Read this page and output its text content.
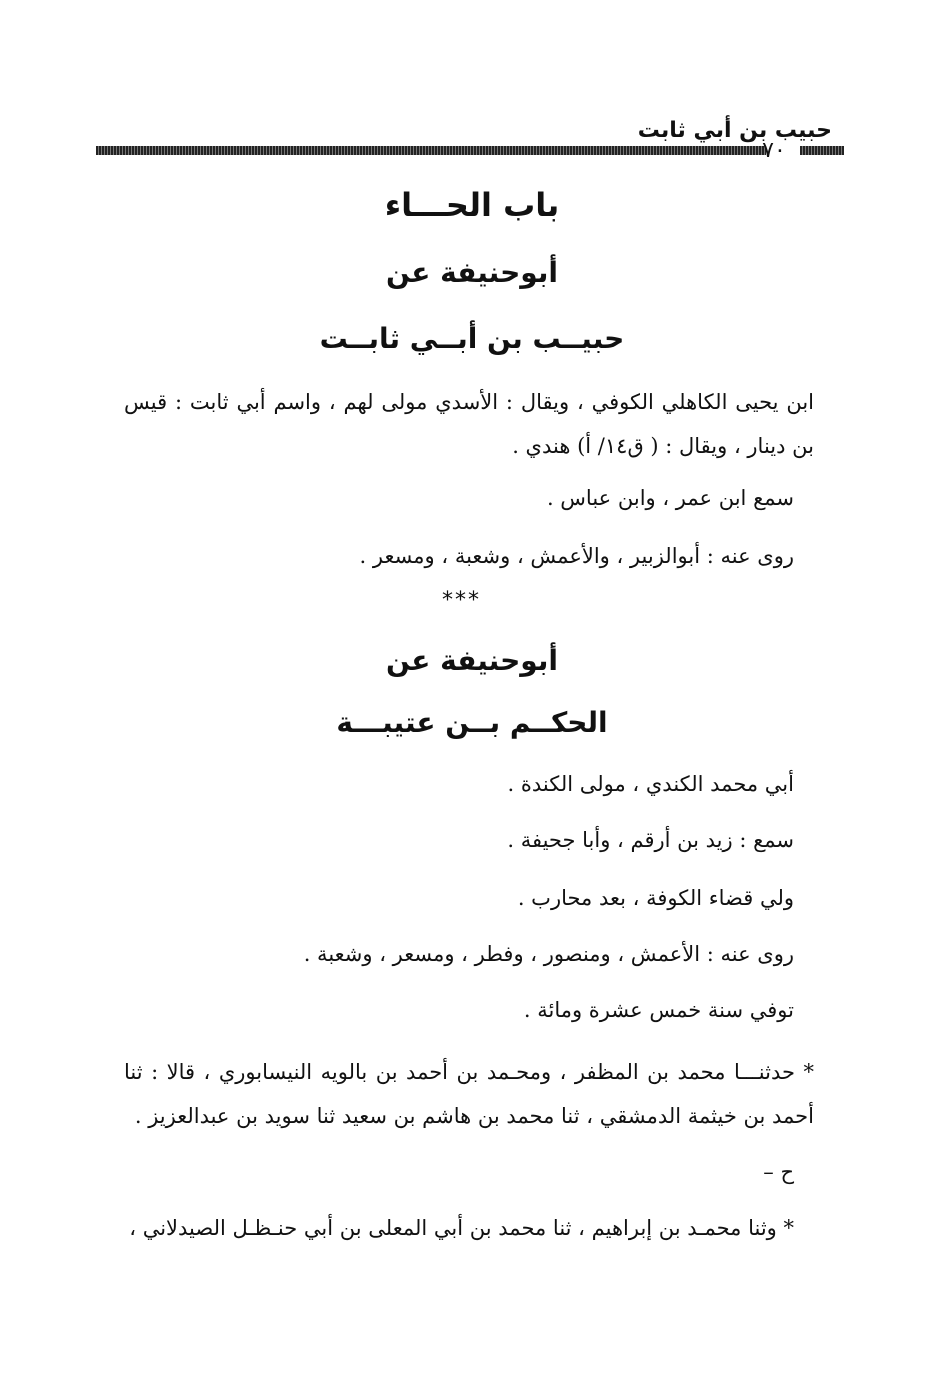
حبيب بن أبي ثابت
٧٠
باب الحـــاء
أبوحنيفة عن
حبيــب بن أبــي ثابــت
ابن يحيى الكاهلي الكوفي ، ويقال : الأسدي مولى لهم ، واسم أبي ثابت : قيس بن دينار ، ويقال : ( ق١٤/ أ) هندي .
سمع ابن عمر ، وابن عباس .
روى عنه : أبوالزبير ، والأعمش ، وشعبة ، ومسعر .
***
أبوحنيفة عن
الحكــم بــن عتيبـــة
أبي محمد الكندي ، مولى الكندة .
سمع : زيد بن أرقم ، وأبا جحيفة .
ولي قضاء الكوفة ، بعد محارب .
روى عنه : الأعمش ، ومنصور ، وفطر ، ومسعر ، وشعبة .
توفي سنة خمس عشرة ومائة .
* حدثنـــا محمد بن المظفر ، ومحـمد بن أحمد بن بالويه النيسابوري ، قالا : ثنا أحمد بن خيثمة الدمشقي ، ثنا محمد بن هاشم بن سعيد ثنا سويد بن عبدالعزيز .
ح –
* وثنا محمـد بن إبراهيم ، ثنا محمد بن أبي المعلى بن أبي حنـظـل الصيدلاني ،
